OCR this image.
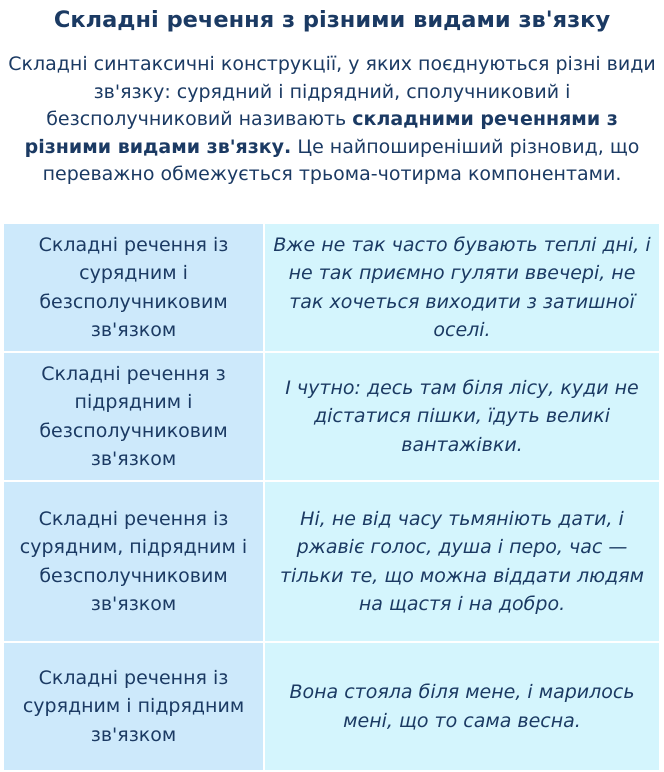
Складні речення з різними видами зв'язку
Складні синтаксичні конструкції, у яких поєднуються різні види зв'язку: сурядний і підрядний, сполучниковий і безсполучниковий називають складними реченнями з різними видами зв'язку. Це найпоширеніший різновид, що переважно обмежується трьома-чотирма компонентами.
Складні речення із сурядним і безсполучниковим зв'язком	Вже не так часто бувають теплі дні, і не так приємно гуляти ввечері, не так хочеться виходити з затишної оселі.
Складні речення з підрядним і безсполучниковим зв'язком	І чутно: десь там біля лісу, куди не дістатися пішки, їдуть великі вантажівки.
Складні речення із сурядним, підрядним і безсполучниковим зв'язком	Ні, не від часу тьмяніють дати, і ржавіє голос, душа і перо, час — тільки те, що можна віддати людям на щастя і на добро.
Складні речення із сурядним і підрядним зв'язком	Вона стояла біля мене, і марилось мені, що то сама весна.
